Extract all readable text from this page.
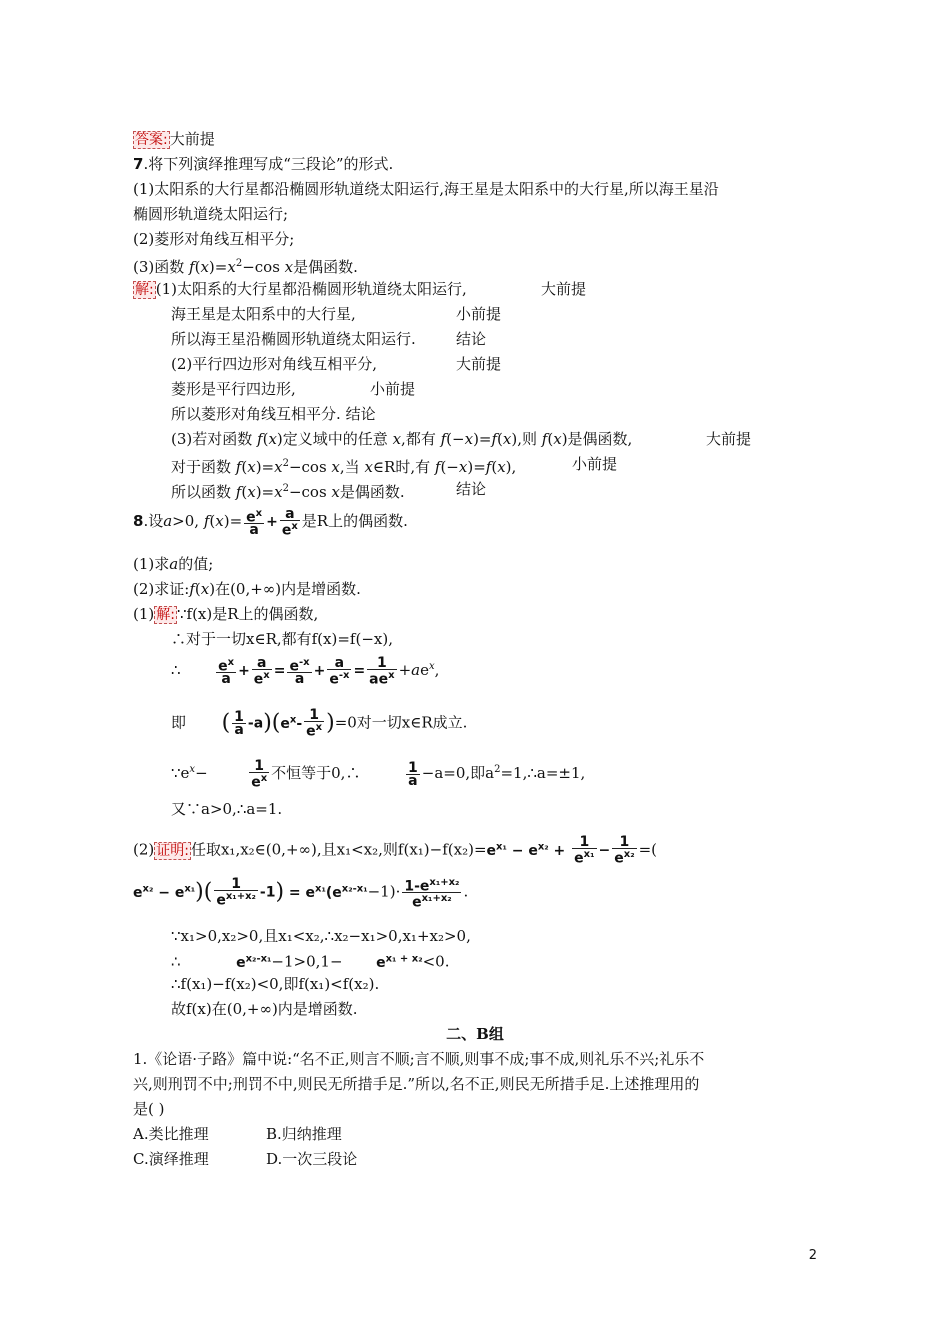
答案: 大前提
7.将下列演绎推理写成“三段论”的形式.
(1)太阳系的大行星都沿椭圆形轨道绕太阳运行,海王星是太阳系中的大行星,所以海王星沿
椭圆形轨道绕太阳运行;
(2)菱形对角线互相平分;
(3)函数 $f(x)=x^2-\cos$ x是偶函数.
解: (1)太阳系的大行星都沿椭圆形轨道绕太阳运行,	大前提
海王星是太阳系中的大行星,	小前提
所以海王星沿椭圆形轨道绕太阳运行.	结论
(2)平行四边形对角线互相平分,	大前提
菱形是平行四边形,	小前提
所以菱形对角线互相平分. 结论
(3)若对函数 f(x)定义域中的任意 x,都有 f(−x)=f(x),则 f(x)是偶函数,	大前提
对于函数 $f(x)=x^2-\cos$ x,当 x∈R时,有 f(−x)=f(x),	小前提
所以函数 $f(x)=x^2-\cos$ x是偶函数.	结论
8.设a>0, $f(x)= \frac{e^x}{a} + \frac{a}{e^x}$ 是R上的偶函数.
(1)求a的值;
(2)求证:f(x)在(0,+∞)内是增函数.
(1) 解: ∵f(x)是R上的偶函数,
∴对于一切x∈R,都有f(x)=f(−x),
∴	$\frac{e^x}{a} + \frac{a}{e^x} = \frac{e^{-x}}{a} + \frac{a}{e^{-x}} = \frac{1}{ae^x} +ae^x$,
即 ( $\frac{1}{a} -a)(e^x- \frac{1}{e^x} )=0$对一切x∈R成立.
$\because e^x-$	$\frac{1}{e^x}$ 不恒等于0,∴	$\frac{1}{a} -a=0$,即$a^2=1,\therefore a=\pm 1$,
又∵a>0,∴a=1.
(2) 证明: 任取x₁,x₂∈(0,+∞),且x₁<x₂,则$f(x_1)-f(x_2)=e^{x_1} - e^{x_2} + \frac{1}{e^{x_1}} - \frac{1}{e^{x_2}}$ =(
$e^{x_2} - e^{x_1})( \frac{1}{e^{x_1+x_2}} -1) = e^{x_1}(e^{x_2-x_1}-1)\cdot \frac{1-e^{x_1+x_2}}{e^{x_1+x_2}}$ .
∵x₁>0,x₂>0,且x₁<x₂,∴x₂−x₁>0,x₁+x₂>0,
∴	$e^{x_2-x_1}-1>0,1- e^{x_1 + x_2}<0$.
∴f(x₁)−f(x₂)<0,即f(x₁)<f(x₂).
故f(x)在(0,+∞)内是增函数.
二、B组
1.《论语·子路》篇中说:“名不正,则言不顺;言不顺,则事不成;事不成,则礼乐不兴;礼乐不
兴,则刑罚不中;刑罚不中,则民无所措手足.”所以,名不正,则民无所措手足.上述推理用的
是( )
A.类比推理	B.归纳推理
C.演绎推理	D.一次三段论
2
